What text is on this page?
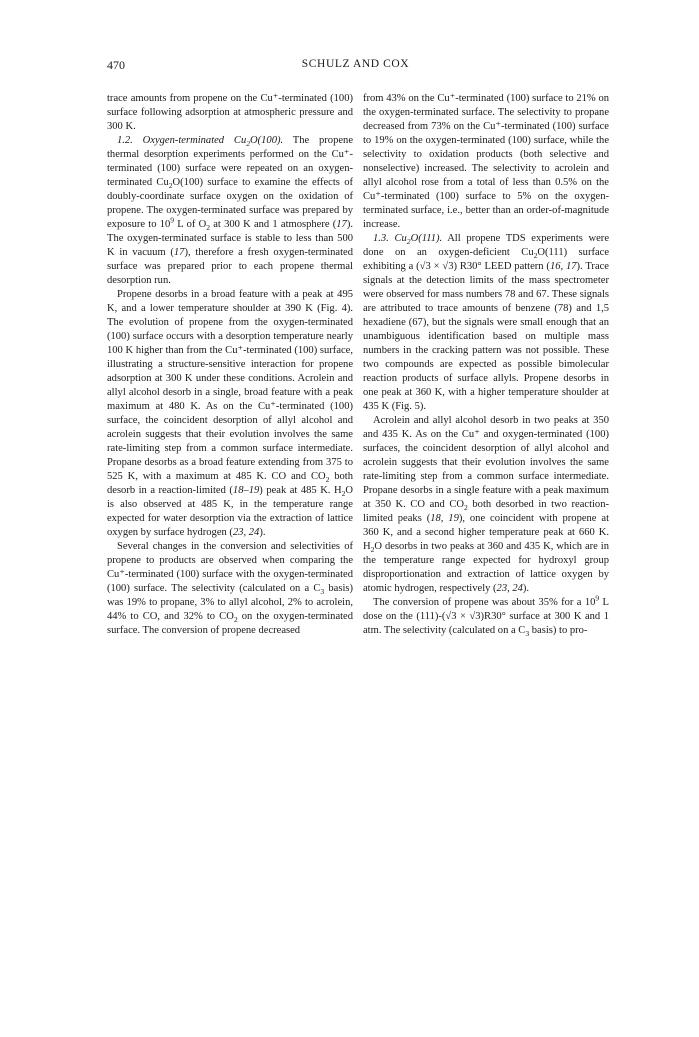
470	SCHULZ AND COX

trace amounts from propene on the Cu⁺-terminated (100) surface following adsorption at atmospheric pressure and 300 K.

1.2. Oxygen-terminated $Cu_2O(100)$. The propene thermal desorption experiments performed on the Cu⁺-terminated (100) surface were repeated on an oxygen-terminated $Cu_2O(100)$ surface to examine the effects of doubly-coordinate surface oxygen on the oxidation of propene. The oxygen-terminated surface was prepared by exposure to $10^9$ L of $O_2$ at 300 K and 1 atmosphere (17). The oxygen-terminated surface is stable to less than 500 K in vacuum (17), therefore a fresh oxygen-terminated surface was prepared prior to each propene thermal desorption run.

Propene desorbs in a broad feature with a peak at 495 K, and a lower temperature shoulder at 390 K (Fig. 4). The evolution of propene from the oxygen-terminated (100) surface occurs with a desorption temperature nearly 100 K higher than from the Cu⁺-terminated (100) surface, illustrating a structure-sensitive interaction for propene adsorption at 300 K under these conditions. Acrolein and allyl alcohol desorb in a single, broad feature with a peak maximum at 480 K. As on the Cu⁺-terminated (100) surface, the coincident desorption of allyl alcohol and acrolein suggests that their evolution involves the same rate-limiting step from a common surface intermediate. Propane desorbs as a broad feature extending from 375 to 525 K, with a maximum at 485 K. CO and $CO_2$ both desorb in a reaction-limited (18–19) peak at 485 K. $H_2O$ is also observed at 485 K, in the temperature range expected for water desorption via the extraction of lattice oxygen by surface hydrogen (23, 24).

Several changes in the conversion and selectivities of propene to products are observed when comparing the Cu⁺-terminated (100) surface with the oxygen-terminated (100) surface. The selectivity (calculated on a $C_3$ basis) was 19% to propane, 3% to allyl alcohol, 2% to acrolein, 44% to CO, and 32% to $CO_2$ on the oxygen-terminated surface. The conversion of propene decreased

from 43% on the Cu⁺-terminated (100) surface to 21% on the oxygen-terminated surface. The selectivity to propane decreased from 73% on the Cu⁺-terminated (100) surface to 19% on the oxygen-terminated (100) surface, while the selectivity to oxidation products (both selective and nonselective) increased. The selectivity to acrolein and allyl alcohol rose from a total of less than 0.5% on the Cu⁺-terminated (100) surface to 5% on the oxygen-terminated surface, i.e., better than an order-of-magnitude increase.

1.3. $Cu_2O(111)$. All propene TDS experiments were done on an oxygen-deficient $Cu_2O(111)$ surface exhibiting a (√3 × √3) R30° LEED pattern (16, 17). Trace signals at the detection limits of the mass spectrometer were observed for mass numbers 78 and 67. These signals are attributed to trace amounts of benzene (78) and 1,5 hexadiene (67), but the signals were small enough that an unambiguous identification based on multiple mass numbers in the cracking pattern was not possible. These two compounds are expected as possible bimolecular reaction products of surface allyls. Propene desorbs in one peak at 360 K, with a higher temperature shoulder at 435 K (Fig. 5).

Acrolein and allyl alcohol desorb in two peaks at 350 and 435 K. As on the Cu⁺ and oxygen-terminated (100) surfaces, the coincident desorption of allyl alcohol and acrolein suggests that their evolution involves the same rate-limiting step from a common surface intermediate. Propane desorbs in a single feature with a peak maximum at 350 K. CO and $CO_2$ both desorbed in two reaction-limited peaks (18, 19), one coincident with propene at 360 K, and a second higher temperature peak at 660 K. $H_2O$ desorbs in two peaks at 360 and 435 K, which are in the temperature range expected for hydroxyl group disproportionation and extraction of lattice oxygen by atomic hydrogen, respectively (23, 24).

The conversion of propene was about 35% for a $10^9$ L dose on the (111)-(√3 × √3)R30° surface at 300 K and 1 atm. The selectivity (calculated on a $C_3$ basis) to pro-
